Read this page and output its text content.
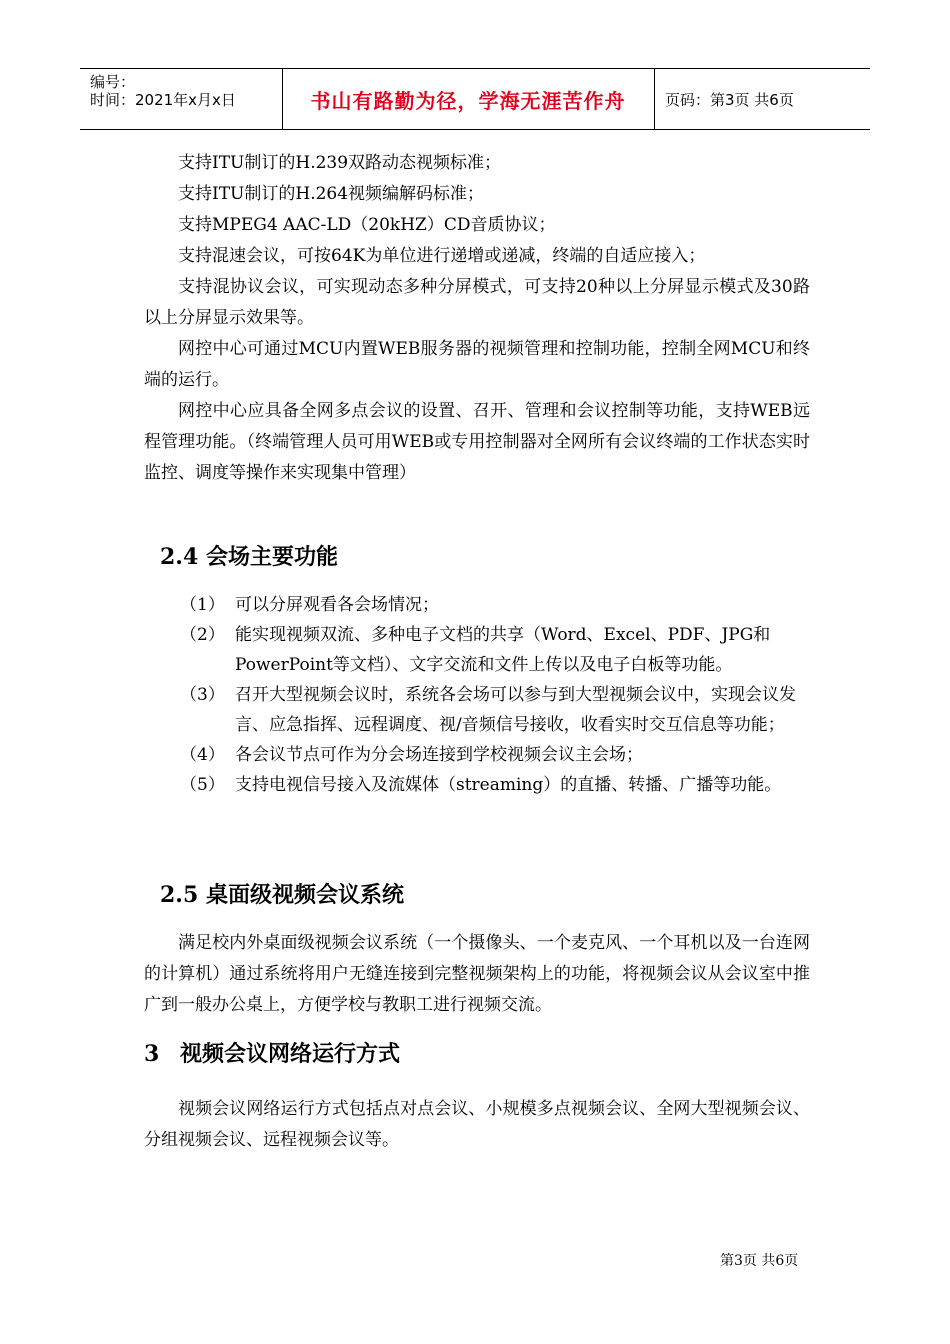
编号：
时间：2021年x月x日	书山有路勤为径，学海无涯苦作舟	页码：第3页 共6页

支持ITU制订的H.239双路动态视频标准；

支持ITU制订的H.264视频编解码标准；

支持MPEG4 AAC-LD（20kHZ）CD音质协议；

支持混速会议，可按64K为单位进行递增或递减，终端的自适应接入；

支持混协议会议，可实现动态多种分屏模式，可支持20种以上分屏显示模式及30路以上分屏显示效果等。

网控中心可通过MCU内置WEB服务器的视频管理和控制功能，控制全网MCU和终端的运行。

网控中心应具备全网多点会议的设置、召开、管理和会议控制等功能，支持WEB远程管理功能。（终端管理人员可用WEB或专用控制器对全网所有会议终端的工作状态实时监控、调度等操作来实现集中管理）

2.4 会场主要功能
（1） 可以分屏观看各会场情况；
（2） 能实现视频双流、多种电子文档的共享（Word、Excel、PDF、JPG和PowerPoint等文档）、文字交流和文件上传以及电子白板等功能。
（3） 召开大型视频会议时，系统各会场可以参与到大型视频会议中，实现会议发言、应急指挥、远程调度、视/音频信号接收，收看实时交互信息等功能；
（4） 各会议节点可作为分会场连接到学校视频会议主会场；
（5） 支持电视信号接入及流媒体（streaming）的直播、转播、广播等功能。
2.5 桌面级视频会议系统

满足校内外桌面级视频会议系统（一个摄像头、一个麦克风、一个耳机以及一台连网的计算机）通过系统将用户无缝连接到完整视频架构上的功能，将视频会议从会议室中推广到一般办公桌上，方便学校与教职工进行视频交流。

3 视频会议网络运行方式

视频会议网络运行方式包括点对点会议、小规模多点视频会议、全网大型视频会议、分组视频会议、远程视频会议等。

第3页 共6页
